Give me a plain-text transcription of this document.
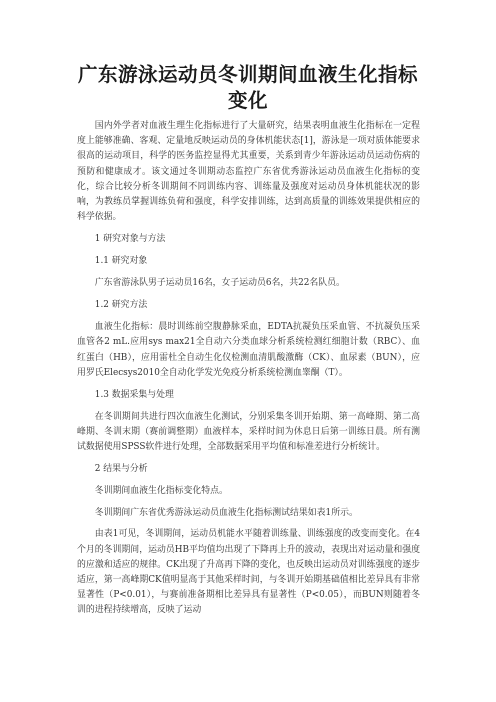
广东游泳运动员冬训期间血液生化指标变化

国内外学者对血液生理生化指标进行了大量研究，结果表明血液生化指标在一定程度上能够准确、客观、定量地反映运动员的身体机能状态[1]，游泳是一项对质体能要求很高的运动项目，科学的医务监控显得尤其重要，关系到青少年游泳运动员运动伤病的预防和健康成才。该文通过冬训期动态监控广东省优秀游泳运动员血液生化指标的变化，综合比较分析冬训期间不同训练内容、训练量及强度对运动员身体机能状况的影响，为教练员掌握训练负荷和强度，科学安排训练，达到高质量的训练效果提供相应的科学依据。

1 研究对象与方法

1.1 研究对象

广东省游泳队男子运动员16名，女子运动员6名，共22名队员。

1.2 研究方法

血液生化指标：晨时训练前空腹静脉采血，EDTA抗凝负压采血管、不抗凝负压采血管各2 mL.应用sys max21全自动六分类血球分析系统检测红细胞计数（RBC）、血红蛋白（HB），应用雷杜全自动生化仪检测血清肌酸激酶（CK）、血尿素（BUN），应用罗氏Elecsys2010全自动化学发光免疫分析系统检测血睾酮（T）。

1.3 数据采集与处理

在冬训期间共进行四次血液生化测试，分别采集冬训开始期、第一高峰期、第二高峰期、冬训末期（赛前调整期）血液样本，采样时间为休息日后第一训练日晨。所有测试数据使用SPSS软件进行处理，全部数据采用平均值和标准差进行分析统计。

2 结果与分析

冬训期间血液生化指标变化特点。

冬训期间广东省优秀游泳运动员血液生化指标测试结果如表1所示。

由表1可见，冬训期间，运动员机能水平随着训练量、训练强度的改变而变化。在4个月的冬训期间，运动员HB平均值均出现了下降再上升的波动，表现出对运动量和强度的应激和适应的规律。CK出现了升高再下降的变化，也反映出运动员对训练强度的逐步适应，第一高峰期CK值明显高于其他采样时间，与冬训开始期基础值相比差异具有非常显著性（P<0.01），与赛前准备期相比差异具有显著性（P<0.05），而BUN则随着冬训的进程持续增高，反映了运动
